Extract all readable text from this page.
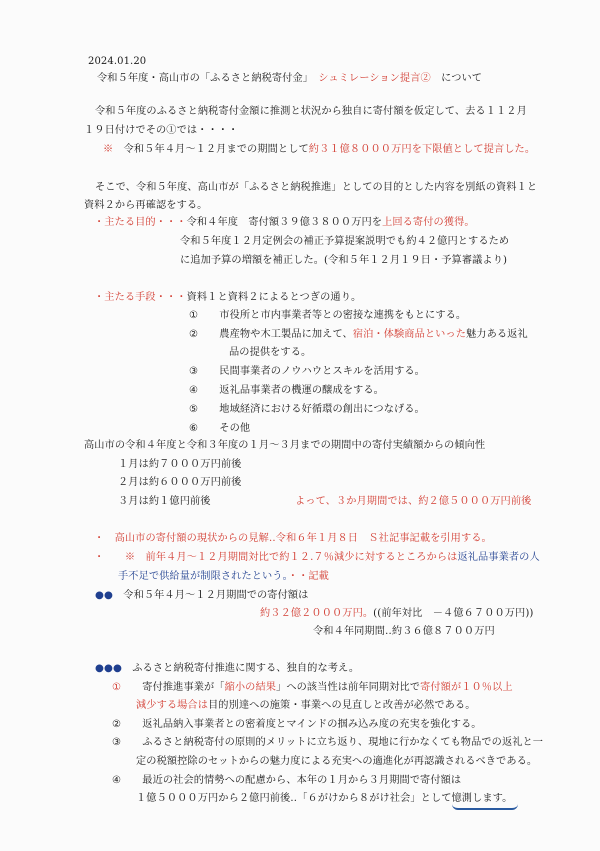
2024.01.20
令和５年度・高山市の「ふるさと納税寄付金」　 シュミレーション提言②　 について
令和５年度のふるさと納税寄付金額に推測と状況から独自に寄付額を仮定して、去る１１２月
１９日付けでその①では・・・・
※　 令和５年４月～１２月までの期間として約３１億８０００万円を下限値として提言した。
そこで、令和５年度、高山市が「ふるさと納税推進」としての目的とした内容を別紙の資料１と
資料２から再確認をする。
・主たる目的・・・令和４年度　寄付額３９億３８００万円を上回る寄付の獲得。
令和５年度１２月定例会の補正予算提案説明でも約４２億円とするため
に追加予算の増額を補正した。(令和５年１２月１９日・予算審議より)
・主たる手段・・・資料１と資料２によるとつぎの通り。
①　 市役所と市内事業者等との密接な連携をもとにする。
②　 農産物や木工製品に加えて、宿泊・体験商品といった魅力ある返礼
品の提供をする。
③　 民間事業者のノウハウとスキルを活用する。
④　 返礼品事業者の機運の醸成をする。
⑤　 地域経済における好循環の創出につなげる。
⑥　 その他
高山市の令和４年度と令和３年度の１月～３月までの期間中の寄付実績額からの傾向性
１月は約７０００万円前後
２月は約６０００万円前後
３月は約１億円前後	よって、３か月期間では、約２億５０００万円前後
・　 高山市の寄付額の現状からの見解‥令和６年１月８日　Ｓ社記事記載を引用する。
・　　 ※　 前年４月～１２月期間対比で約１２.７％減少に対するところからは返礼品事業者の人
手不足で供給量が制限されたという。・・記載
●●　 令和５年４月～１２月期間での寄付額は
約３２億２０００万円。((前年対比　－４億６７００万円))
令和４年同期間‥約３６億８７００万円
●●●　 ふるさと納税寄付推進に関する、独自的な考え。
①　 寄付推進事業が「縮小の結果」への該当性は前年同期対比で寄付額が１０％以上
減少する場合は目的別達への施策・事業への見直しと改善が必然である。
②　 返礼品納入事業者との密着度とマインドの掴み込み度の充実を強化する。
③　 ふるさと納税寄付の原則的メリットに立ち返り、現地に行かなくても物品での返礼と一
定の税額控除のセットからの魅力度による充実への適進化が再認識されるべきである。
④　 最近の社会的情勢への配慮から、本年の１月から３月期間で寄付額は
１億５０００万円から２億円前後‥「６がけから８がけ社会」として憶測します。
